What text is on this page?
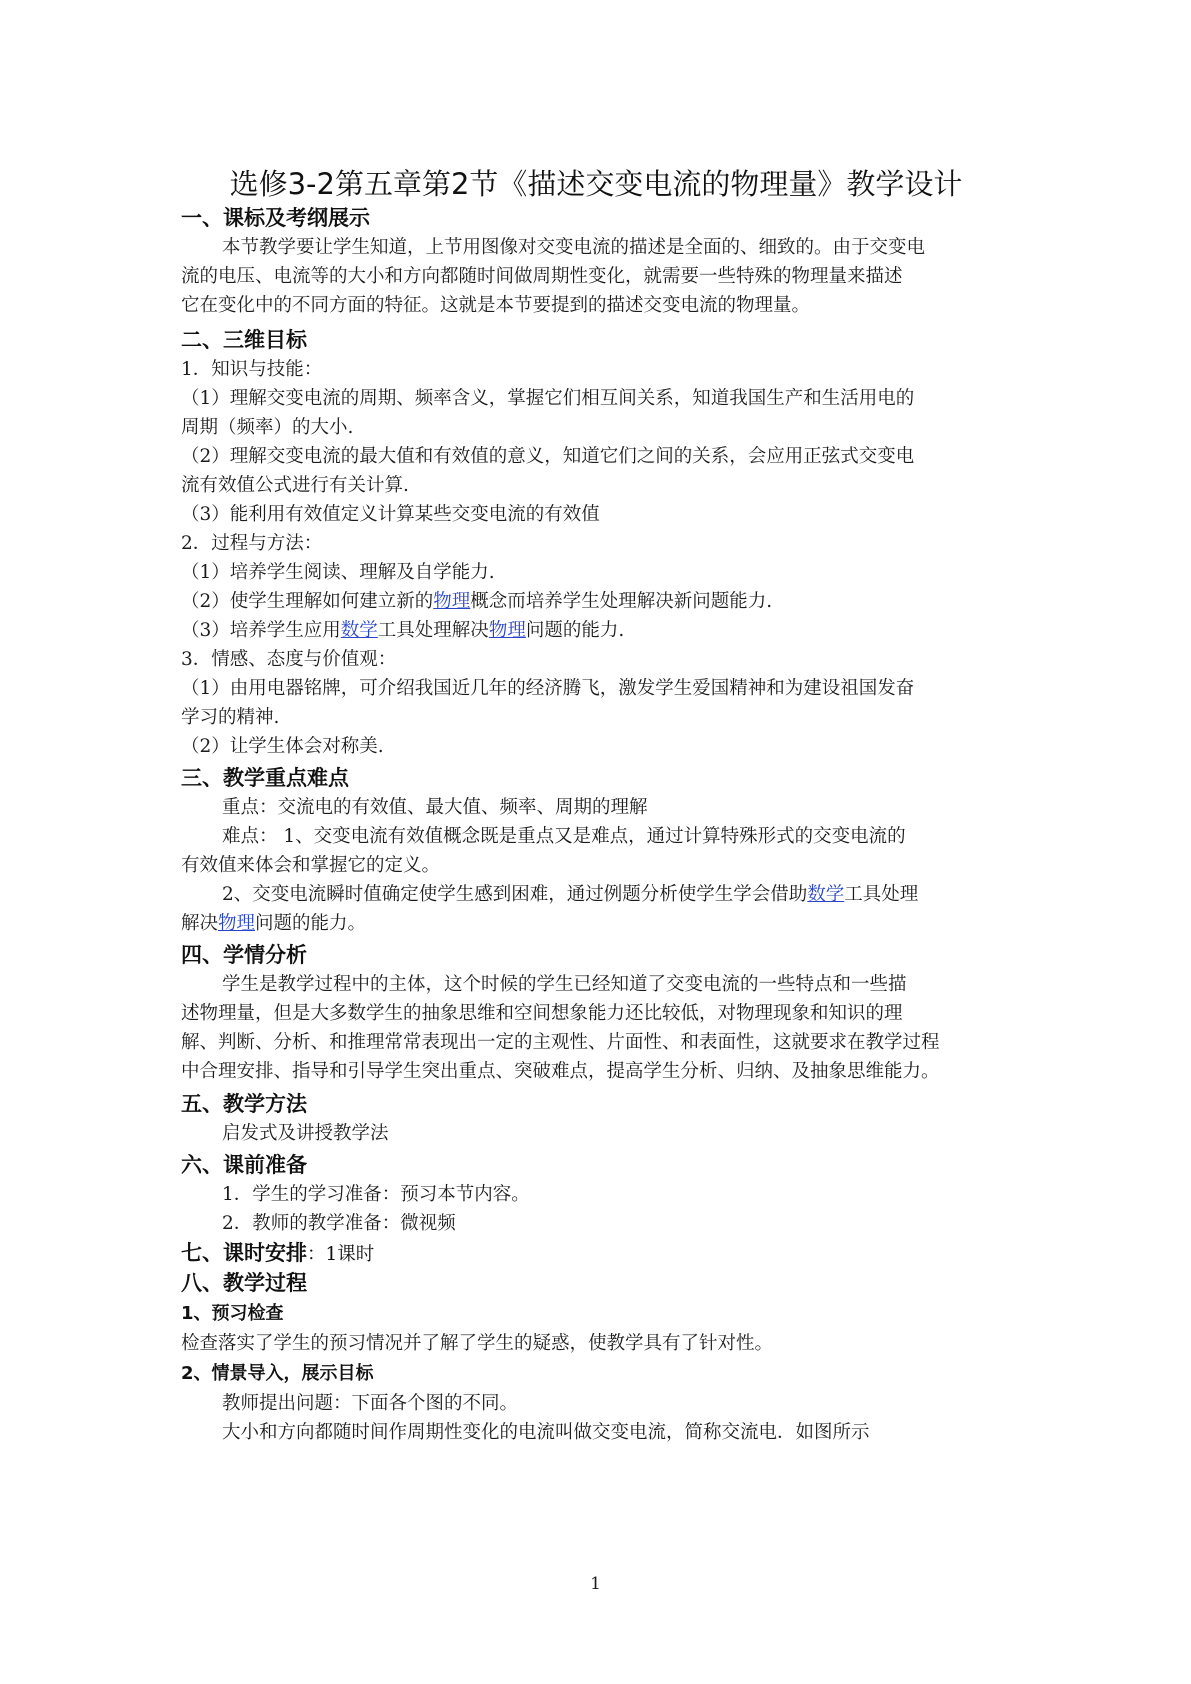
选修3-2第五章第2节《描述交变电流的物理量》教学设计
一、课标及考纲展示
本节教学要让学生知道，上节用图像对交变电流的描述是全面的、细致的。由于交变电
流的电压、电流等的大小和方向都随时间做周期性变化，就需要一些特殊的物理量来描述
它在变化中的不同方面的特征。这就是本节要提到的描述交变电流的物理量。
二、三维目标
1．知识与技能：
（1）理解交变电流的周期、频率含义，掌握它们相互间关系，知道我国生产和生活用电的
周期（频率）的大小.
（2）理解交变电流的最大值和有效值的意义，知道它们之间的关系，会应用正弦式交变电
流有效值公式进行有关计算.
（3）能利用有效值定义计算某些交变电流的有效值
2．过程与方法：
（1）培养学生阅读、理解及自学能力.
（2）使学生理解如何建立新的物理概念而培养学生处理解决新问题能力.
（3）培养学生应用数学工具处理解决物理问题的能力.
3．情感、态度与价值观：
（1）由用电器铭牌，可介绍我国近几年的经济腾飞，激发学生爱国精神和为建设祖国发奋
学习的精神.
（2）让学生体会对称美.
三、教学重点难点
重点：交流电的有效值、最大值、频率、周期的理解
难点： 1、交变电流有效值概念既是重点又是难点，通过计算特殊形式的交变电流的
有效值来体会和掌握它的定义。
2、交变电流瞬时值确定使学生感到困难，通过例题分析使学生学会借助数学工具处理
解决物理问题的能力。
四、学情分析
学生是教学过程中的主体，这个时候的学生已经知道了交变电流的一些特点和一些描
述物理量，但是大多数学生的抽象思维和空间想象能力还比较低，对物理现象和知识的理
解、判断、分析、和推理常常表现出一定的主观性、片面性、和表面性，这就要求在教学过程
中合理安排、指导和引导学生突出重点、突破难点，提高学生分析、归纳、及抽象思维能力。
五、教学方法
启发式及讲授教学法
六、课前准备
1．学生的学习准备：预习本节内容。
2．教师的教学准备：微视频
七、课时安排：1课时
八、教学过程
1、预习检查
检查落实了学生的预习情况并了解了学生的疑惑，使教学具有了针对性。
2、情景导入，展示目标
教师提出问题：下面各个图的不同。
大小和方向都随时间作周期性变化的电流叫做交变电流，简称交流电．如图所示
1
